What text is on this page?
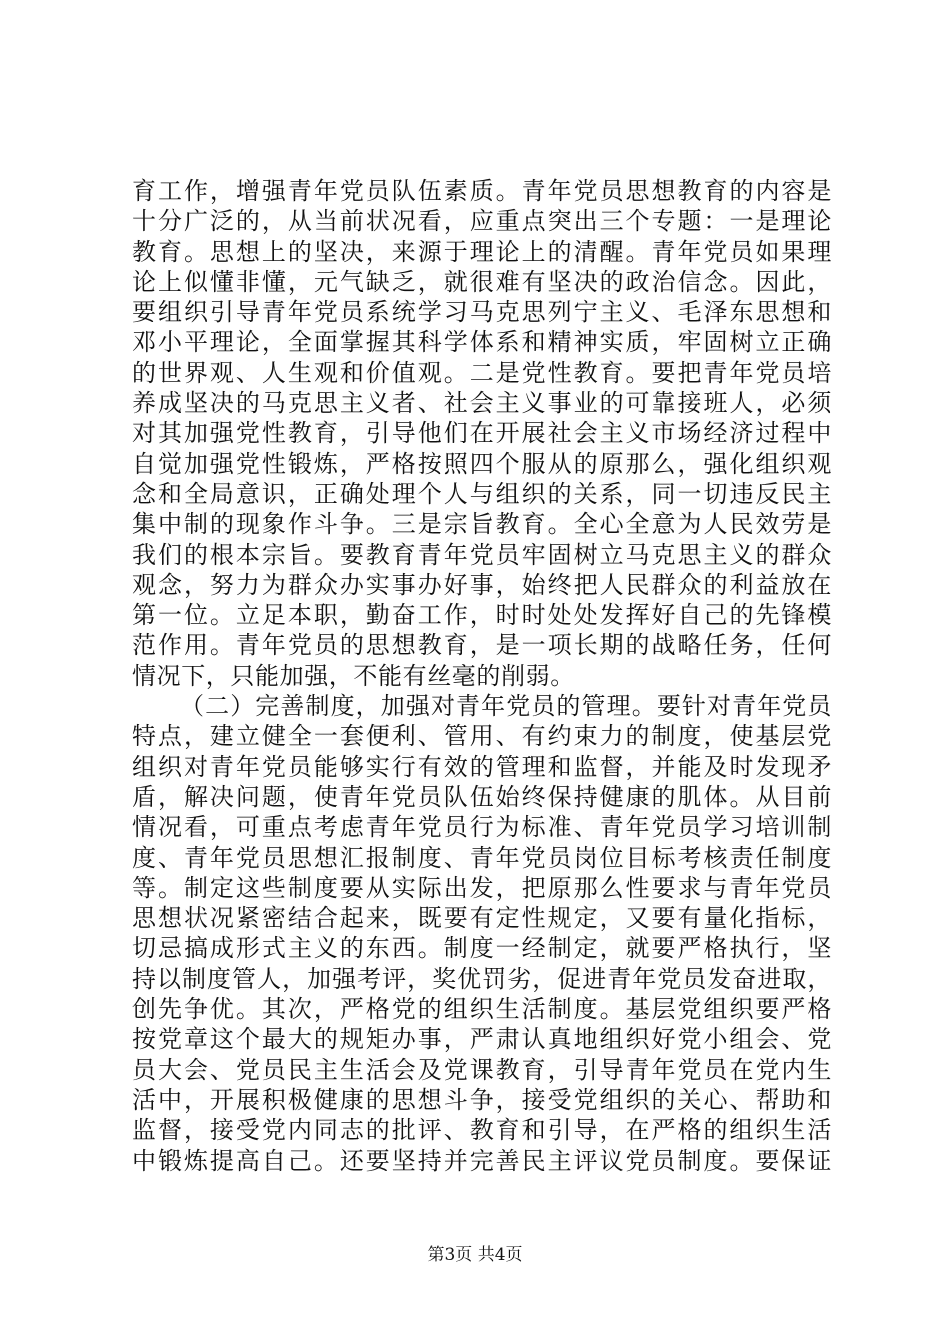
育工作，增强青年党员队伍素质。青年党员思想教育的内容是
十分广泛的，从当前状况看，应重点突出三个专题：一是理论
教育。思想上的坚决，来源于理论上的清醒。青年党员如果理
论上似懂非懂，元气缺乏，就很难有坚决的政治信念。因此，
要组织引导青年党员系统学习马克思列宁主义、毛泽东思想和
邓小平理论，全面掌握其科学体系和精神实质，牢固树立正确
的世界观、人生观和价值观。二是党性教育。要把青年党员培
养成坚决的马克思主义者、社会主义事业的可靠接班人，必须
对其加强党性教育，引导他们在开展社会主义市场经济过程中
自觉加强党性锻炼，严格按照四个服从的原那么，强化组织观
念和全局意识，正确处理个人与组织的关系，同一切违反民主
集中制的现象作斗争。三是宗旨教育。全心全意为人民效劳是
我们的根本宗旨。要教育青年党员牢固树立马克思主义的群众
观念，努力为群众办实事办好事，始终把人民群众的利益放在
第一位。立足本职，勤奋工作，时时处处发挥好自己的先锋模
范作用。青年党员的思想教育，是一项长期的战略任务，任何
情况下，只能加强，不能有丝毫的削弱。
（二）完善制度，加强对青年党员的管理。要针对青年党员
特点，建立健全一套便利、管用、有约束力的制度，使基层党
组织对青年党员能够实行有效的管理和监督，并能及时发现矛
盾，解决问题，使青年党员队伍始终保持健康的肌体。从目前
情况看，可重点考虑青年党员行为标准、青年党员学习培训制
度、青年党员思想汇报制度、青年党员岗位目标考核责任制度
等。制定这些制度要从实际出发，把原那么性要求与青年党员
思想状况紧密结合起来，既要有定性规定，又要有量化指标，
切忌搞成形式主义的东西。制度一经制定，就要严格执行，坚
持以制度管人，加强考评，奖优罚劣，促进青年党员发奋进取，
创先争优。其次，严格党的组织生活制度。基层党组织要严格
按党章这个最大的规矩办事，严肃认真地组织好党小组会、党
员大会、党员民主生活会及党课教育，引导青年党员在党内生
活中，开展积极健康的思想斗争，接受党组织的关心、帮助和
监督，接受党内同志的批评、教育和引导，在严格的组织生活
中锻炼提高自己。还要坚持并完善民主评议党员制度。要保证
第3页 共4页
